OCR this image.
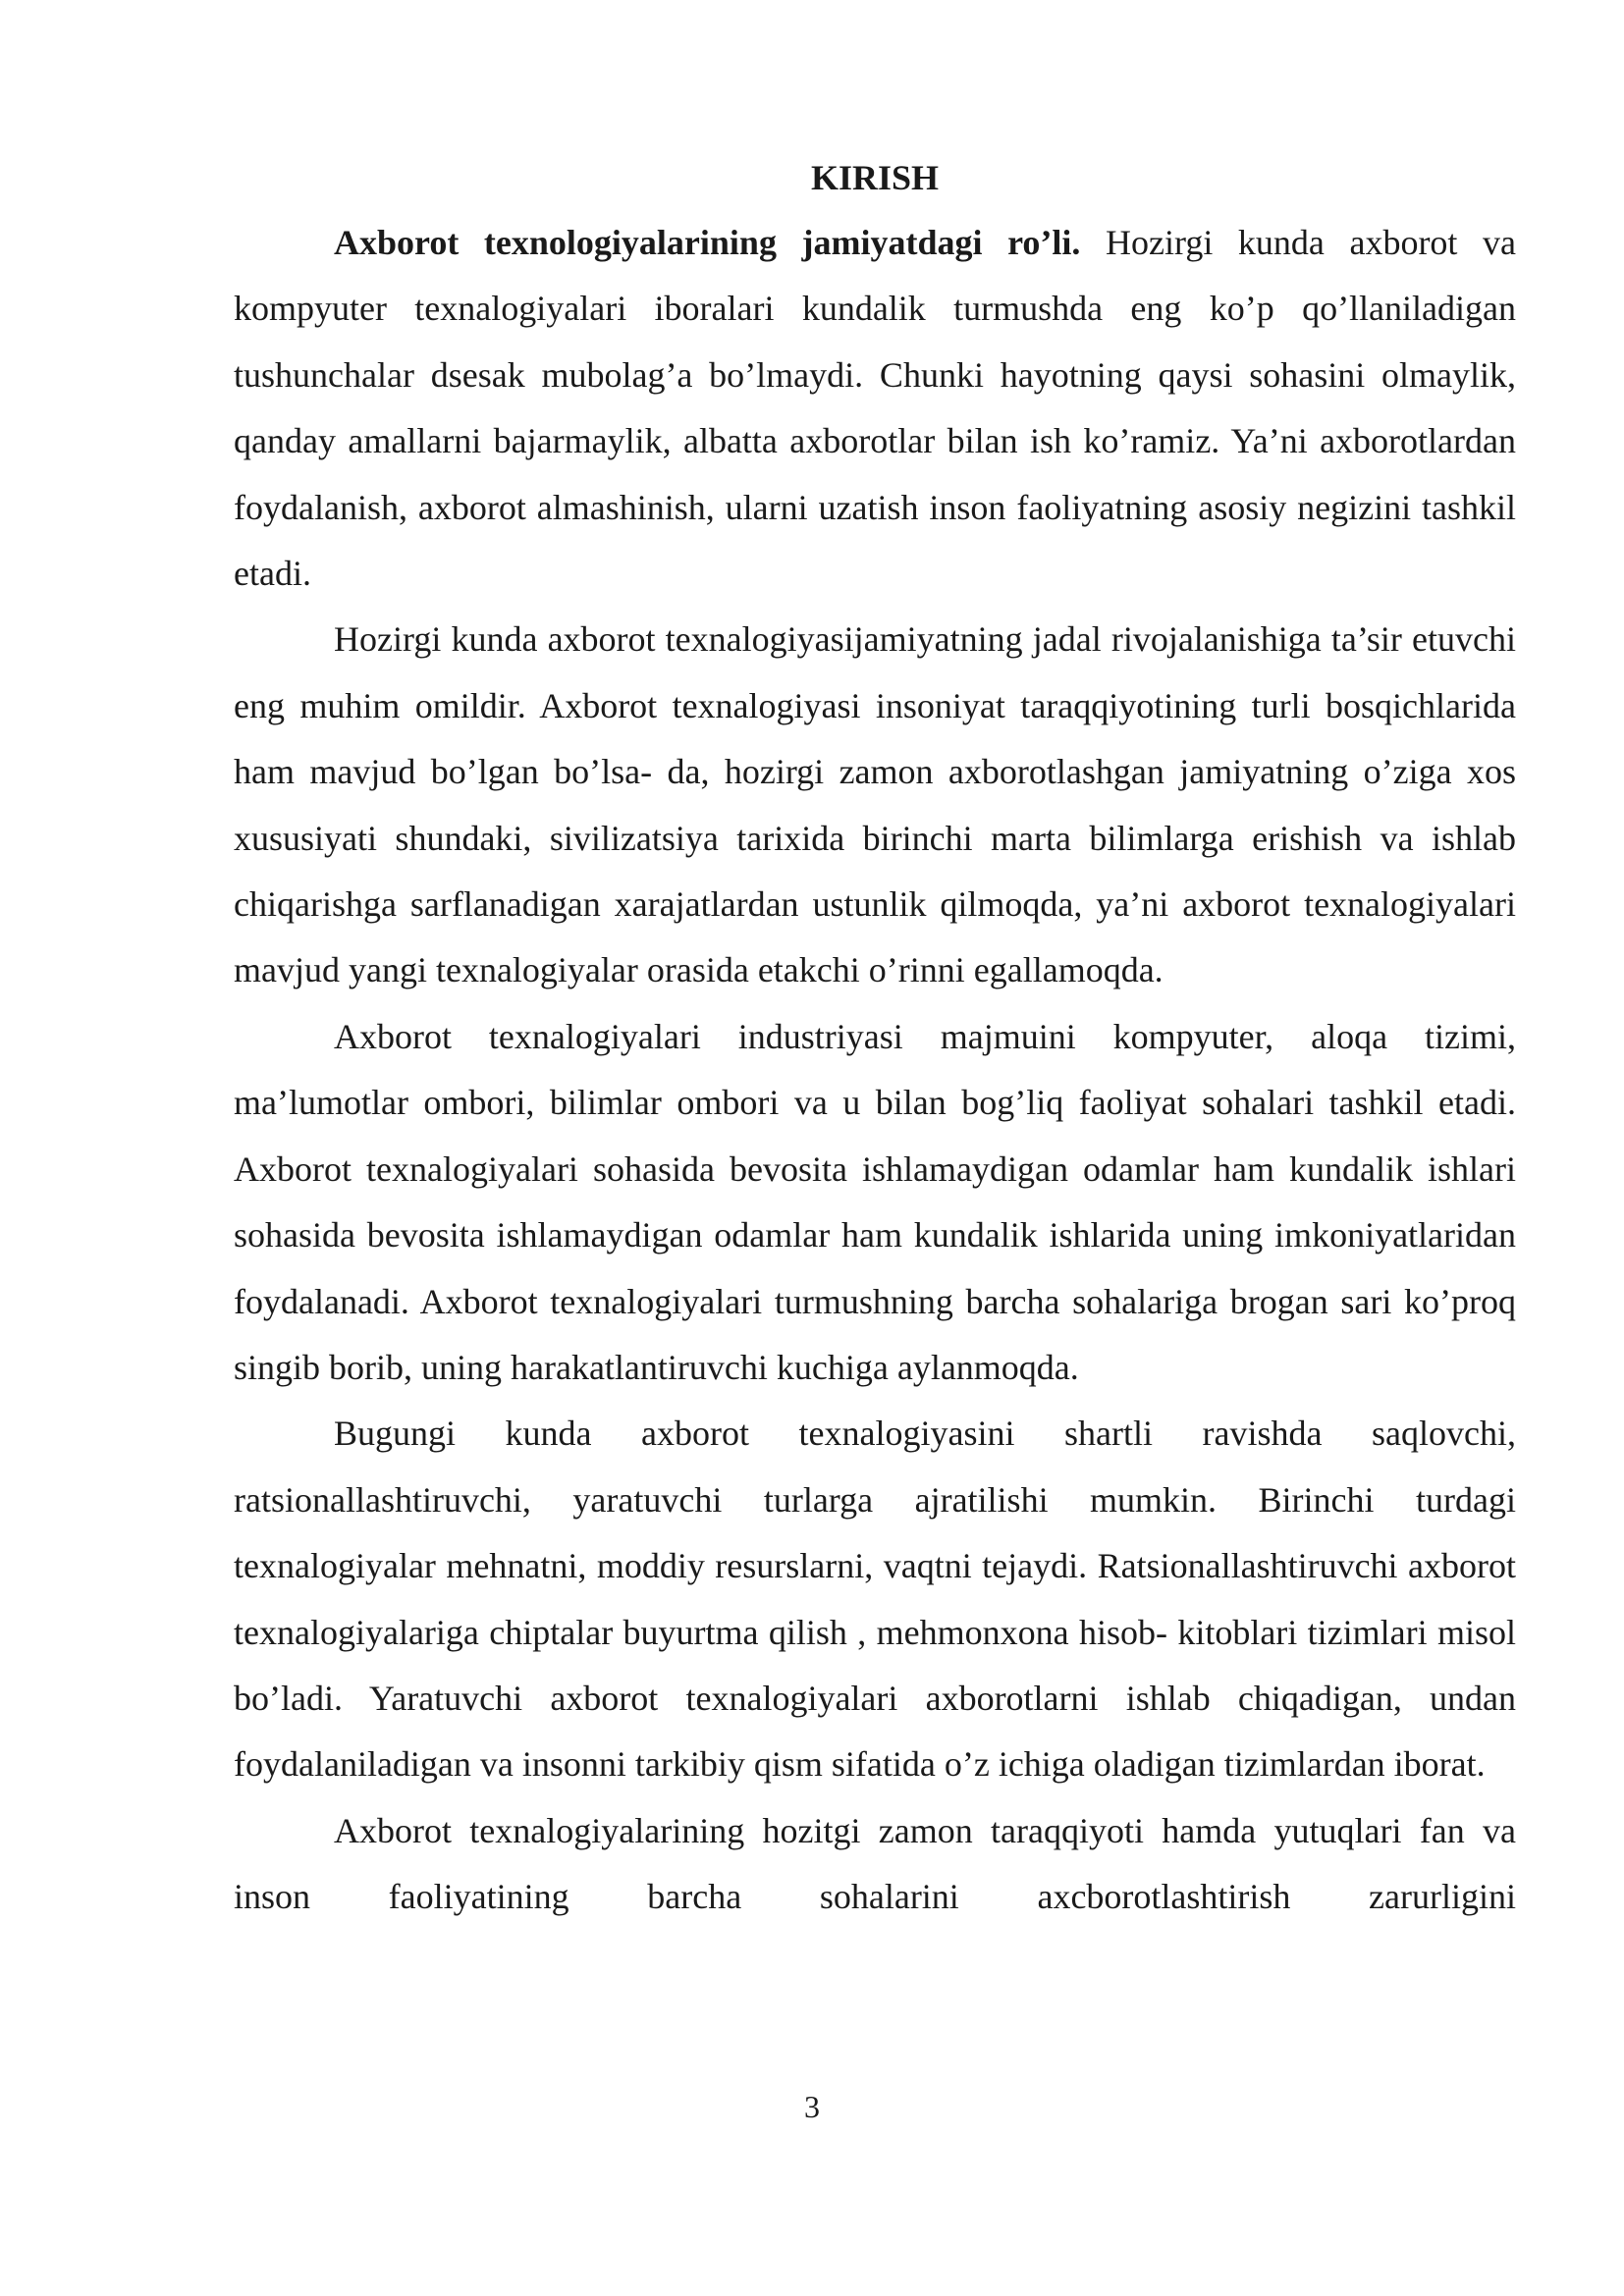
KIRISH

Axborot texnologiyalarining jamiyatdagi ro’li. Hozirgi kunda axborot va kompyuter texnalogiyalari iboralari kundalik turmushda eng ko’p qo’llaniladigan tushunchalar dsesak mubolag’a bo’lmaydi. Chunki hayotning qaysi sohasini olmaylik, qanday amallarni bajarmaylik, albatta axborotlar bilan ish ko’ramiz. Ya’ni axborotlardan foydalanish, axborot almashinish, ularni uzatish inson faoliyatning asosiy negizini tashkil etadi.

Hozirgi kunda axborot texnalogiyasijamiyatning jadal rivojalanishiga ta’sir etuvchi eng muhim omildir. Axborot texnalogiyasi insoniyat taraqqiyotining turli bosqichlarida ham mavjud bo’lgan bo’lsa- da, hozirgi zamon axborotlashgan jamiyatning o’ziga xos xususiyati shundaki, sivilizatsiya tarixida birinchi marta bilimlarga erishish va ishlab chiqarishga sarflanadigan xarajatlardan ustunlik qilmoqda, ya’ni axborot texnalogiyalari mavjud yangi texnalogiyalar orasida etakchi o’rinni egallamoqda.

Axborot texnalogiyalari industriyasi majmuini kompyuter, aloqa tizimi, ma’lumotlar ombori, bilimlar ombori va u bilan bog’liq faoliyat sohalari tashkil etadi. Axborot texnalogiyalari sohasida bevosita ishlamaydigan odamlar ham kundalik ishlari sohasida bevosita ishlamaydigan odamlar ham kundalik ishlarida uning imkoniyatlaridan foydalanadi. Axborot texnalogiyalari turmushning barcha sohalariga brogan sari ko’proq singib borib, uning harakatlantiruvchi kuchiga aylanmoqda.

Bugungi kunda axborot texnalogiyasini shartli ravishda saqlovchi, ratsionallashtiruvchi, yaratuvchi turlarga ajratilishi mumkin. Birinchi turdagi texnalogiyalar mehnatni, moddiy resurslarni, vaqtni tejaydi. Ratsionallashtiruvchi axborot texnalogiyalariga chiptalar buyurtma qilish , mehmonxona hisob- kitoblari tizimlari misol bo’ladi. Yaratuvchi axborot texnalogiyalari axborotlarni ishlab chiqadigan, undan foydalaniladigan va insonni tarkibiy qism sifatida o’z ichiga oladigan tizimlardan iborat.

Axborot texnalogiyalarining hozitgi zamon taraqqiyoti hamda yutuqlari fan va inson faoliyatining barcha sohalarini axcborotlashtirish zarurligini

3
